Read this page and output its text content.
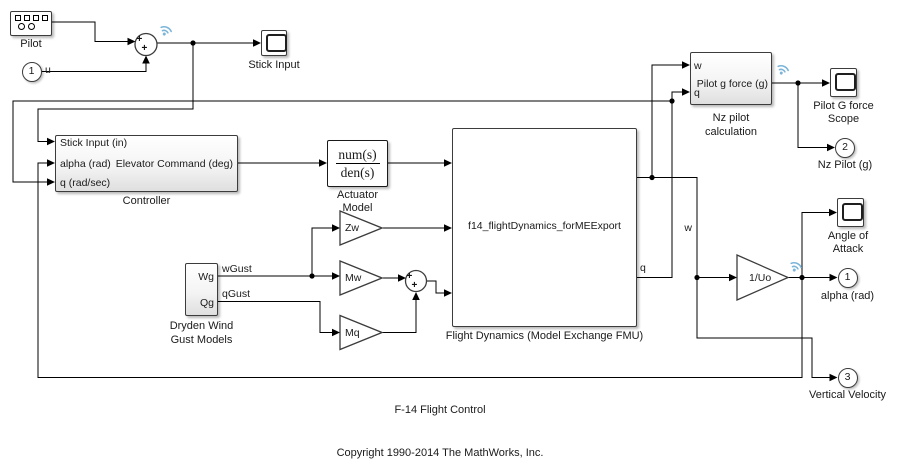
Pilot
1	u
+
+
Stick Input
Stick Input (in)
alpha (rad)
q (rad/sec)
Elevator Command (deg)
Controller
num(s)
den(s)
Actuator
Model
f14_flightDynamics_forMEExport
Flight Dynamics (Model Exchange FMU)
w
q
Zw
Mw
Mq
1/Uo
+
+
Wg
Qg
Dryden Wind
Gust Models
wGust
qGust
w
q
Pilot g force (g)
Nz pilot
calculation
Pilot G force
Scope
2
Nz Pilot (g)
Angle of
Attack
1
alpha (rad)
3
Vertical Velocity
F-14 Flight Control
Copyright 1990-2014 The MathWorks, Inc.
